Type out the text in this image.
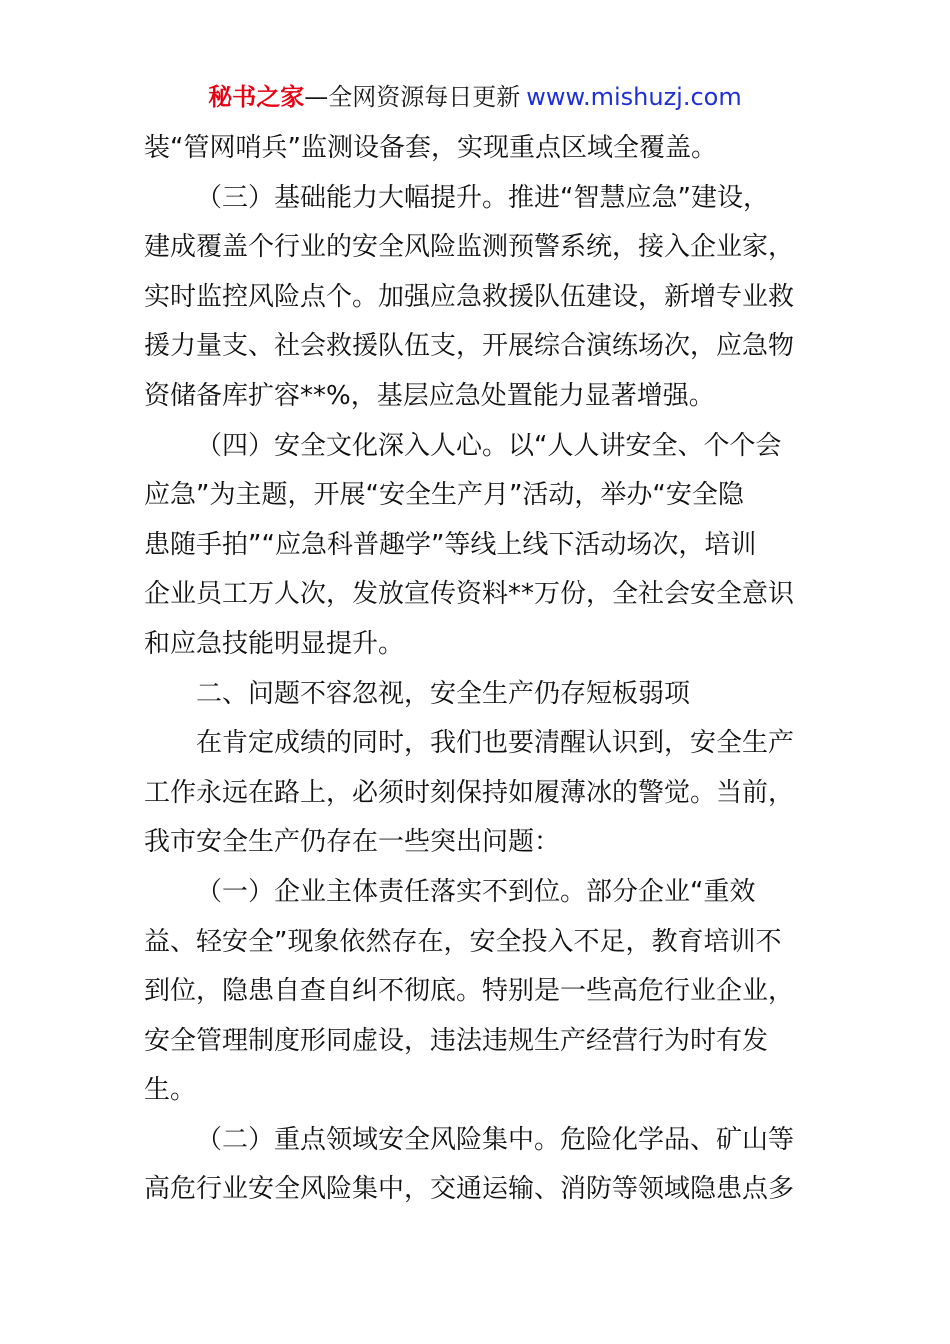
秘书之家—全网资源每日更新 www.mishuzj.com
装“管网哨兵”监测设备套，实现重点区域全覆盖。
（三）基础能力大幅提升。推进“智慧应急”建设，
建成覆盖个行业的安全风险监测预警系统，接入企业家，
实时监控风险点个。加强应急救援队伍建设，新增专业救
援力量支、社会救援队伍支，开展综合演练场次，应急物
资储备库扩容**%，基层应急处置能力显著增强。
（四）安全文化深入人心。以“人人讲安全、个个会
应急”为主题，开展“安全生产月”活动，举办“安全隐
患随手拍”“应急科普趣学”等线上线下活动场次，培训
企业员工万人次，发放宣传资料**万份，全社会安全意识
和应急技能明显提升。
二、问题不容忽视，安全生产仍存短板弱项
在肯定成绩的同时，我们也要清醒认识到，安全生产
工作永远在路上，必须时刻保持如履薄冰的警觉。当前，
我市安全生产仍存在一些突出问题：
（一）企业主体责任落实不到位。部分企业“重效
益、轻安全”现象依然存在，安全投入不足，教育培训不
到位，隐患自查自纠不彻底。特别是一些高危行业企业，
安全管理制度形同虚设，违法违规生产经营行为时有发
生。
（二）重点领域安全风险集中。危险化学品、矿山等
高危行业安全风险集中，交通运输、消防等领域隐患点多
